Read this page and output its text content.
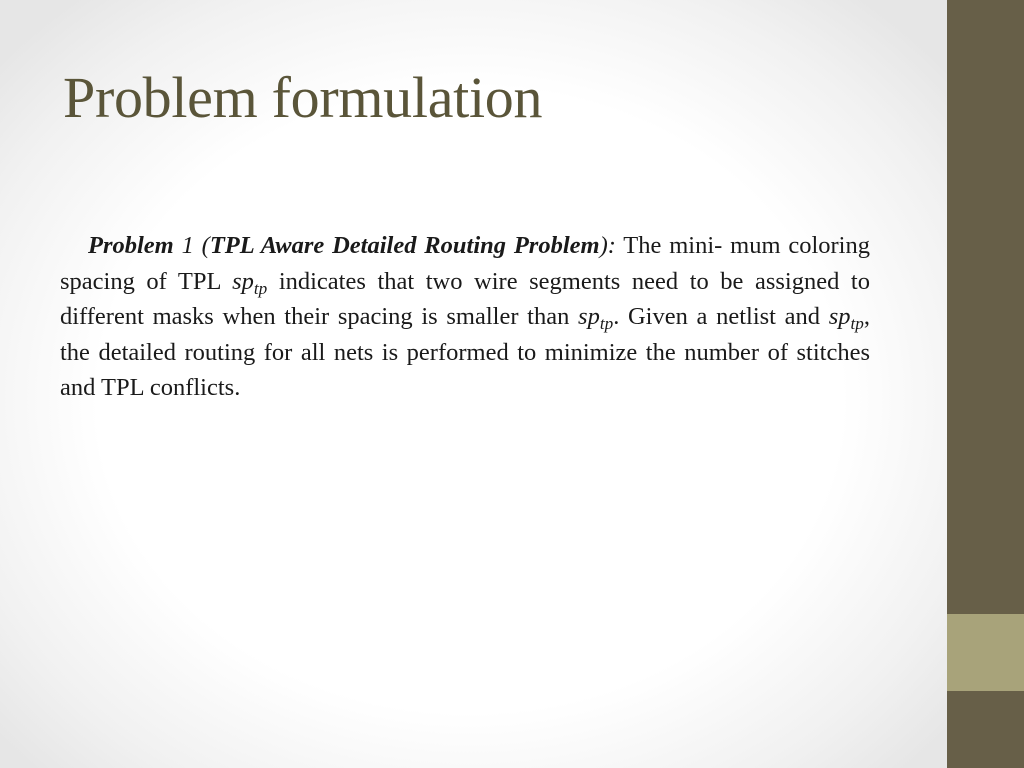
Problem formulation

Problem 1 (TPL Aware Detailed Routing Problem): The mini- mum coloring spacing of TPL $sp_{tp}$ indicates that two wire segments need to be assigned to different masks when their spacing is smaller than $sp_{tp}$. Given a netlist and $sp_{tp}$, the detailed routing for all nets is performed to minimize the number of stitches and TPL conflicts.
